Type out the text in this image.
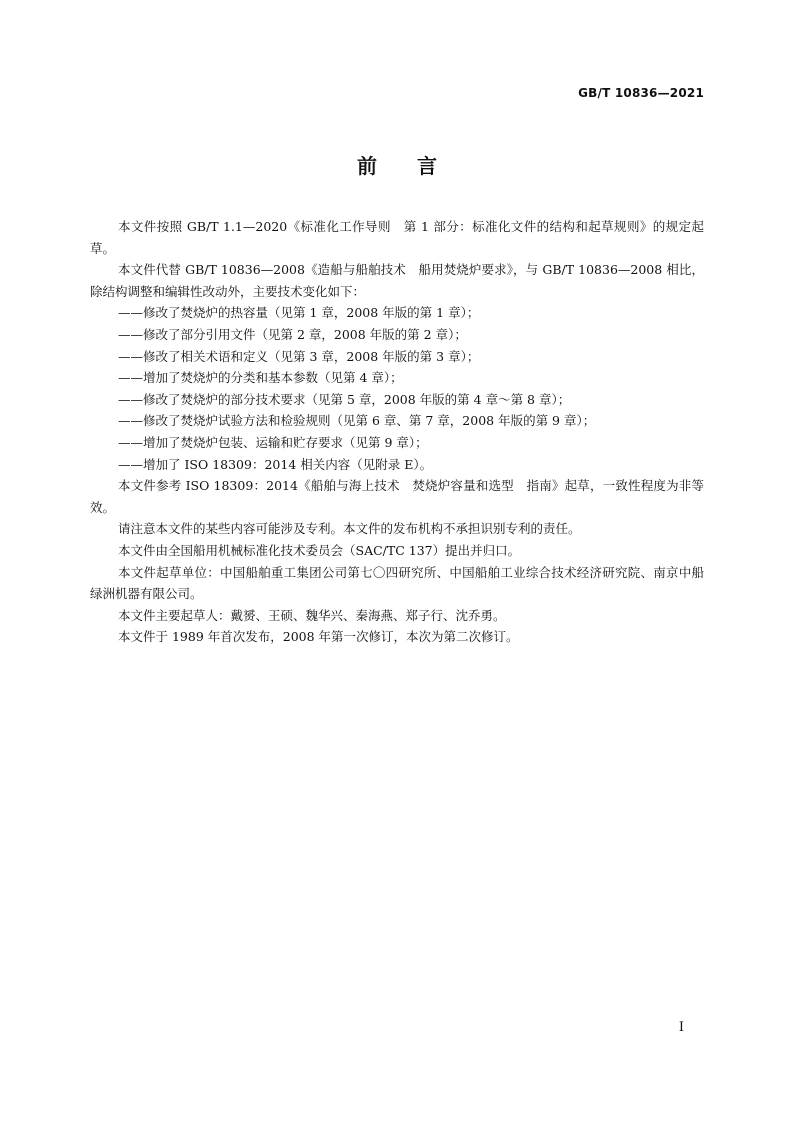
GB/T 10836—2021
前言

本文件按照 GB/T 1.1—2020《标准化工作导则　第 1 部分：标准化文件的结构和起草规则》的规定起草。

本文件代替 GB/T 10836—2008《造船与船舶技术　船用焚烧炉要求》，与 GB/T 10836—2008 相比，除结构调整和编辑性改动外，主要技术变化如下：

——修改了焚烧炉的热容量（见第 1 章，2008 年版的第 1 章）；

——修改了部分引用文件（见第 2 章，2008 年版的第 2 章）；

——修改了相关术语和定义（见第 3 章，2008 年版的第 3 章）；

——增加了焚烧炉的分类和基本参数（见第 4 章）；

——修改了焚烧炉的部分技术要求（见第 5 章，2008 年版的第 4 章～第 8 章）；

——修改了焚烧炉试验方法和检验规则（见第 6 章、第 7 章，2008 年版的第 9 章）；

——增加了焚烧炉包装、运输和贮存要求（见第 9 章）；

——增加了 ISO 18309：2014 相关内容（见附录 E）。

本文件参考 ISO 18309：2014《船舶与海上技术　焚烧炉容量和选型　指南》起草，一致性程度为非等效。

请注意本文件的某些内容可能涉及专利。本文件的发布机构不承担识别专利的责任。

本文件由全国船用机械标准化技术委员会（SAC/TC 137）提出并归口。

本文件起草单位：中国船舶重工集团公司第七〇四研究所、中国船舶工业综合技术经济研究院、南京中船绿洲机器有限公司。

本文件主要起草人：戴赟、王硕、魏华兴、秦海燕、郑子行、沈乔勇。

本文件于 1989 年首次发布，2008 年第一次修订，本次为第二次修订。

I
